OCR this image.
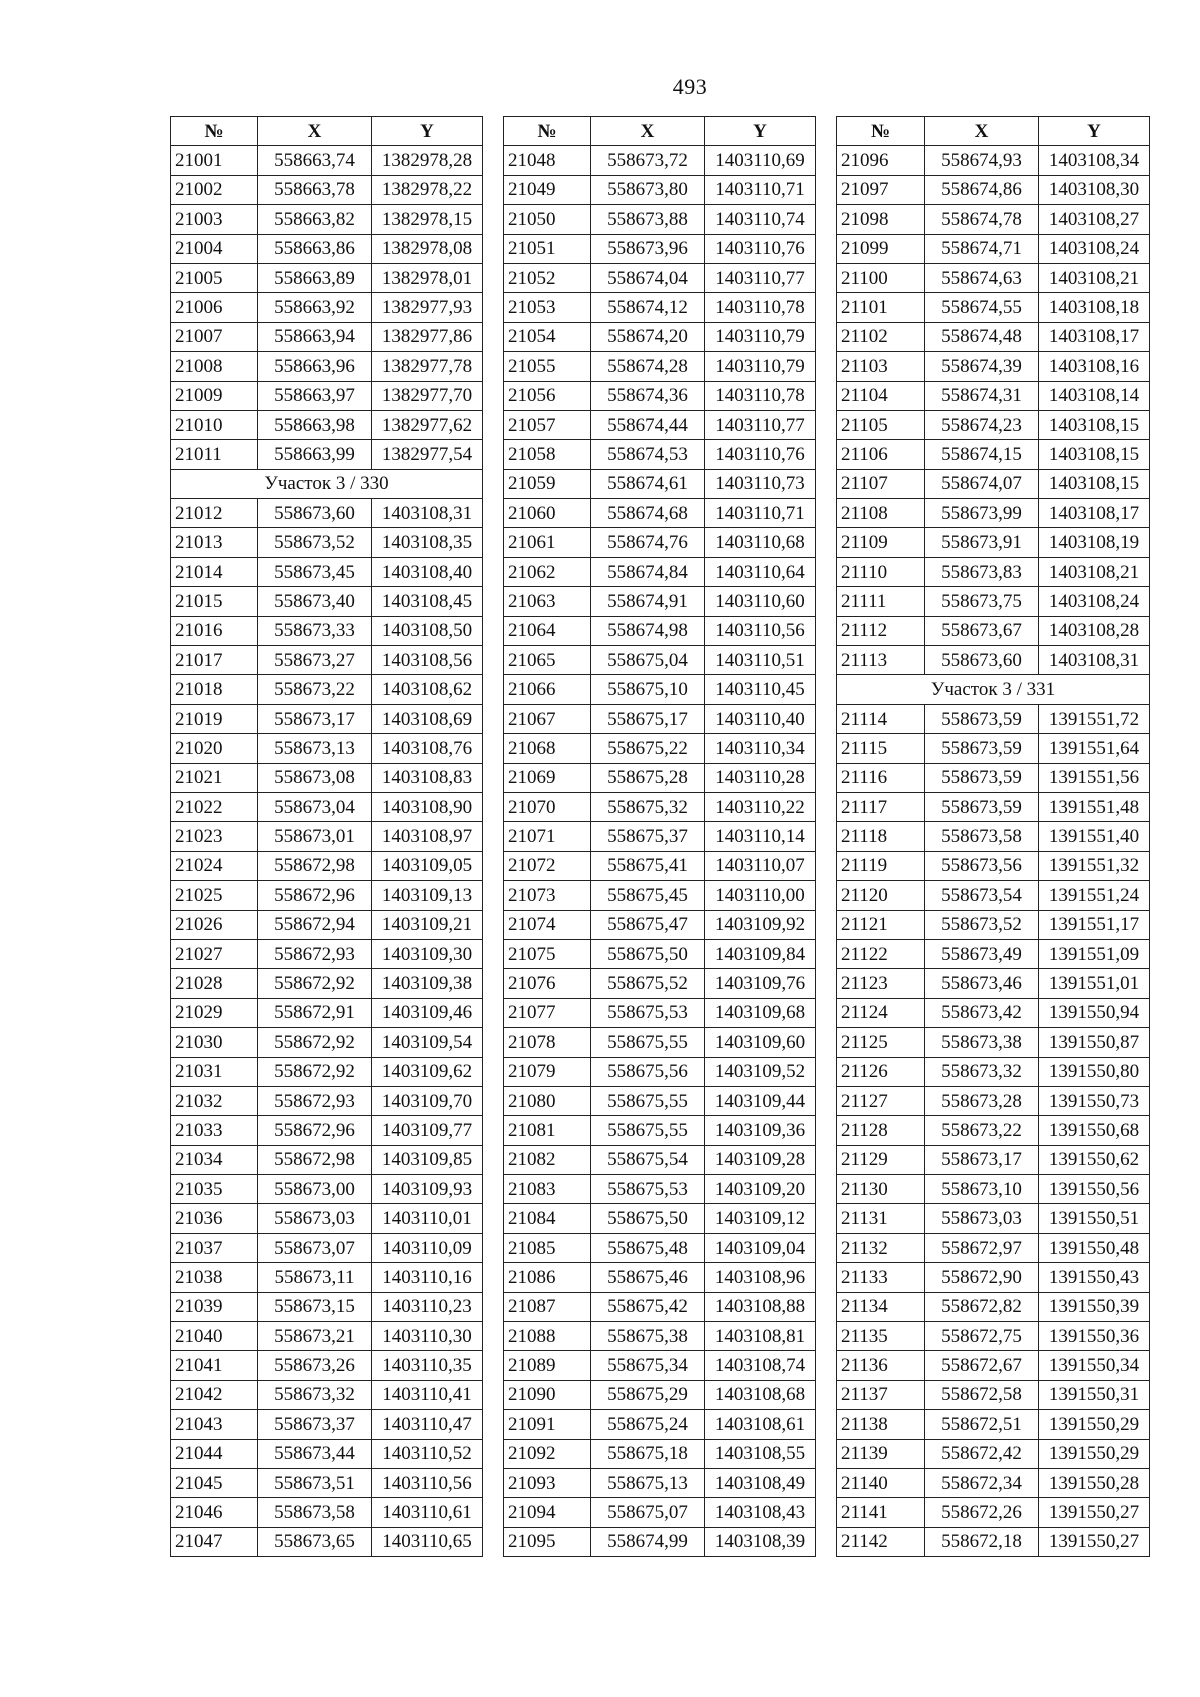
493
№	X	Y
21001	558663,74	1382978,28
21002	558663,78	1382978,22
21003	558663,82	1382978,15
21004	558663,86	1382978,08
21005	558663,89	1382978,01
21006	558663,92	1382977,93
21007	558663,94	1382977,86
21008	558663,96	1382977,78
21009	558663,97	1382977,70
21010	558663,98	1382977,62
21011	558663,99	1382977,54
Участок 3 / 330		
21012	558673,60	1403108,31
21013	558673,52	1403108,35
21014	558673,45	1403108,40
21015	558673,40	1403108,45
21016	558673,33	1403108,50
21017	558673,27	1403108,56
21018	558673,22	1403108,62
21019	558673,17	1403108,69
21020	558673,13	1403108,76
21021	558673,08	1403108,83
21022	558673,04	1403108,90
21023	558673,01	1403108,97
21024	558672,98	1403109,05
21025	558672,96	1403109,13
21026	558672,94	1403109,21
21027	558672,93	1403109,30
21028	558672,92	1403109,38
21029	558672,91	1403109,46
21030	558672,92	1403109,54
21031	558672,92	1403109,62
21032	558672,93	1403109,70
21033	558672,96	1403109,77
21034	558672,98	1403109,85
21035	558673,00	1403109,93
21036	558673,03	1403110,01
21037	558673,07	1403110,09
21038	558673,11	1403110,16
21039	558673,15	1403110,23
21040	558673,21	1403110,30
21041	558673,26	1403110,35
21042	558673,32	1403110,41
21043	558673,37	1403110,47
21044	558673,44	1403110,52
21045	558673,51	1403110,56
21046	558673,58	1403110,61
21047	558673,65	1403110,65
№	X	Y
21048	558673,72	1403110,69
21049	558673,80	1403110,71
21050	558673,88	1403110,74
21051	558673,96	1403110,76
21052	558674,04	1403110,77
21053	558674,12	1403110,78
21054	558674,20	1403110,79
21055	558674,28	1403110,79
21056	558674,36	1403110,78
21057	558674,44	1403110,77
21058	558674,53	1403110,76
21059	558674,61	1403110,73
21060	558674,68	1403110,71
21061	558674,76	1403110,68
21062	558674,84	1403110,64
21063	558674,91	1403110,60
21064	558674,98	1403110,56
21065	558675,04	1403110,51
21066	558675,10	1403110,45
21067	558675,17	1403110,40
21068	558675,22	1403110,34
21069	558675,28	1403110,28
21070	558675,32	1403110,22
21071	558675,37	1403110,14
21072	558675,41	1403110,07
21073	558675,45	1403110,00
21074	558675,47	1403109,92
21075	558675,50	1403109,84
21076	558675,52	1403109,76
21077	558675,53	1403109,68
21078	558675,55	1403109,60
21079	558675,56	1403109,52
21080	558675,55	1403109,44
21081	558675,55	1403109,36
21082	558675,54	1403109,28
21083	558675,53	1403109,20
21084	558675,50	1403109,12
21085	558675,48	1403109,04
21086	558675,46	1403108,96
21087	558675,42	1403108,88
21088	558675,38	1403108,81
21089	558675,34	1403108,74
21090	558675,29	1403108,68
21091	558675,24	1403108,61
21092	558675,18	1403108,55
21093	558675,13	1403108,49
21094	558675,07	1403108,43
21095	558674,99	1403108,39
№	X	Y
21096	558674,93	1403108,34
21097	558674,86	1403108,30
21098	558674,78	1403108,27
21099	558674,71	1403108,24
21100	558674,63	1403108,21
21101	558674,55	1403108,18
21102	558674,48	1403108,17
21103	558674,39	1403108,16
21104	558674,31	1403108,14
21105	558674,23	1403108,15
21106	558674,15	1403108,15
21107	558674,07	1403108,15
21108	558673,99	1403108,17
21109	558673,91	1403108,19
21110	558673,83	1403108,21
21111	558673,75	1403108,24
21112	558673,67	1403108,28
21113	558673,60	1403108,31
Участок 3 / 331		
21114	558673,59	1391551,72
21115	558673,59	1391551,64
21116	558673,59	1391551,56
21117	558673,59	1391551,48
21118	558673,58	1391551,40
21119	558673,56	1391551,32
21120	558673,54	1391551,24
21121	558673,52	1391551,17
21122	558673,49	1391551,09
21123	558673,46	1391551,01
21124	558673,42	1391550,94
21125	558673,38	1391550,87
21126	558673,32	1391550,80
21127	558673,28	1391550,73
21128	558673,22	1391550,68
21129	558673,17	1391550,62
21130	558673,10	1391550,56
21131	558673,03	1391550,51
21132	558672,97	1391550,48
21133	558672,90	1391550,43
21134	558672,82	1391550,39
21135	558672,75	1391550,36
21136	558672,67	1391550,34
21137	558672,58	1391550,31
21138	558672,51	1391550,29
21139	558672,42	1391550,29
21140	558672,34	1391550,28
21141	558672,26	1391550,27
21142	558672,18	1391550,27
